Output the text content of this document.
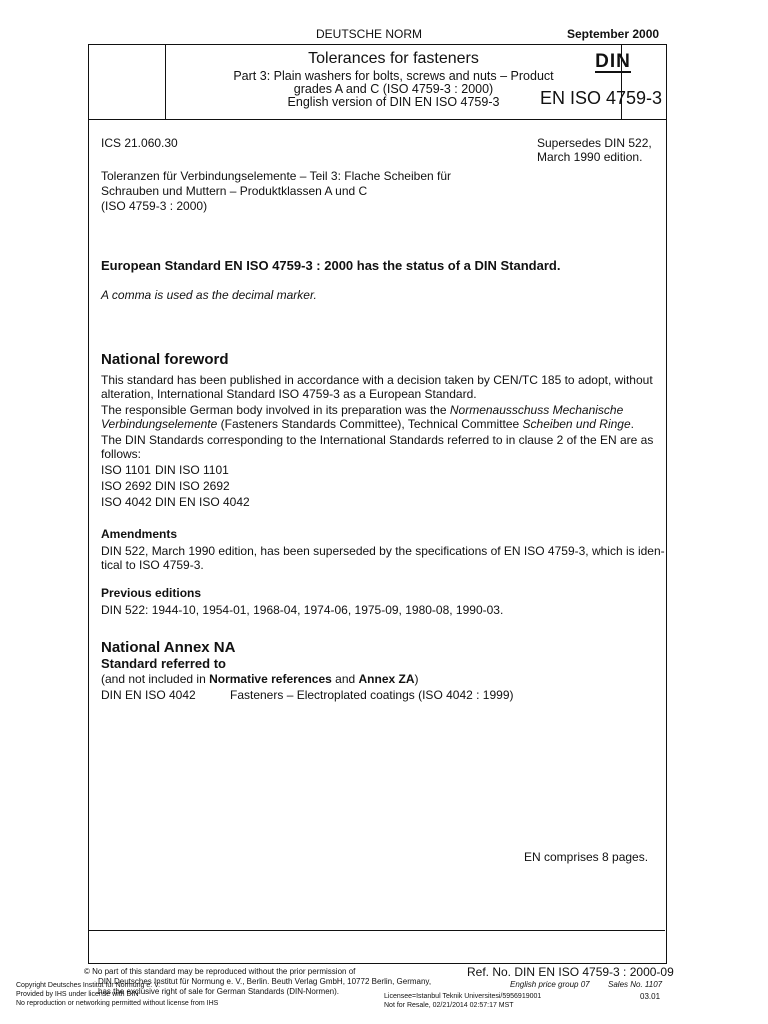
DEUTSCHE NORM	September 2000
Tolerances for fasteners
Part 3: Plain washers for bolts, screws and nuts – Product
grades A and C (ISO 4759-3 : 2000)
English version of DIN EN ISO 4759-3
DIN
EN ISO 4759-3
ICS 21.060.30	Supersedes DIN 522,
March 1990 edition.
Toleranzen für Verbindungselemente – Teil 3: Flache Scheiben für
Schrauben und Muttern – Produktklassen A und C
(ISO 4759-3 : 2000)
European Standard EN ISO 4759-3 : 2000 has the status of a DIN Standard.
A comma is used as the decimal marker.
National foreword
This standard has been published in accordance with a decision taken by CEN/TC 185 to adopt, without
alteration, International Standard ISO 4759-3 as a European Standard.
The responsible German body involved in its preparation was the Normenausschuss Mechanische
Verbindungselemente (Fasteners Standards Committee), Technical Committee Scheiben und Ringe.
The DIN Standards corresponding to the International Standards referred to in clause 2 of the EN are as
follows:
ISO 1101 DIN ISO 1101
ISO 2692 DIN ISO 2692
ISO 4042 DIN EN ISO 4042
Amendments
DIN 522, March 1990 edition, has been superseded by the specifications of EN ISO 4759-3, which is iden-
tical to ISO 4759-3.
Previous editions
DIN 522: 1944-10, 1954-01, 1968-04, 1974-06, 1975-09, 1980-08, 1990-03.
National Annex NA
Standard referred to
(and not included in Normative references and Annex ZA)
DIN EN ISO 4042	Fasteners – Electroplated coatings (ISO 4042 : 1999)
EN comprises 8 pages.
© No part of this standard may be reproduced without the prior permission of
DIN Deutsches Institut für Normung e. V., Berlin. Beuth Verlag GmbH, 10772 Berlin, Germany,
has the exclusive right of sale for German Standards (DIN-Normen).
Ref. No. DIN EN ISO 4759-3 : 2000-09
English price group 07 Sales No. 1107
03.01
Copyright Deutsches Institut fur Normung e. V.
Provided by IHS under license with DIN
No reproduction or networking permitted without license from IHS
Licensee=Istanbul Teknik Universitesi/5956919001
Not for Resale, 02/21/2014 02:57:17 MST
